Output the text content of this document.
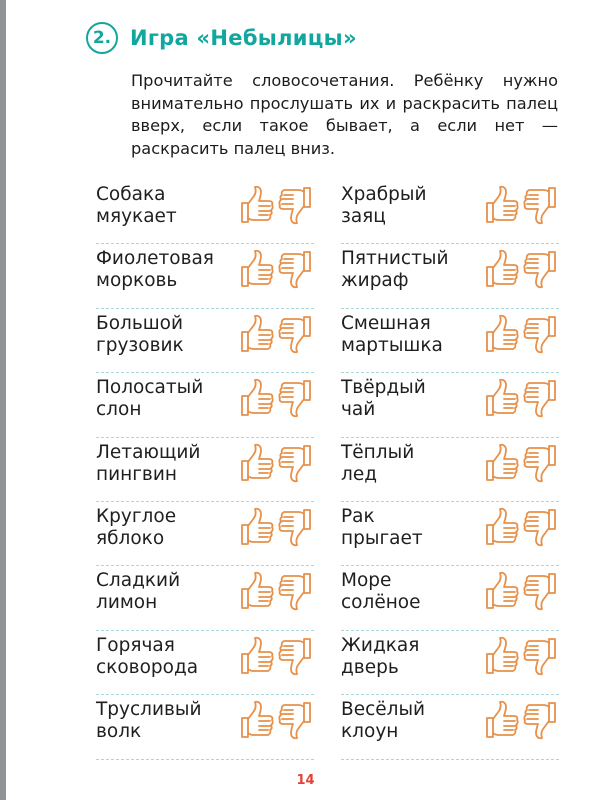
2. Игра «Небылицы»
Прочитайте словосочетания. Ребёнку нужно внимательно прослушать их и раскрасить палец вверх, если такое бывает, а если нет — раскрасить палец вниз.
Собака
мяукает
Фиолетовая
морковь
Большой
грузовик
Полосатый
слон
Летающий
пингвин
Круглое
яблоко
Сладкий
лимон
Горячая
сковорода
Трусливый
волк
Храбрый
заяц
Пятнистый
жираф
Смешная
мартышка
Твёрдый
чай
Тёплый
лед
Рак
прыгает
Море
солёное
Жидкая
дверь
Весёлый
клоун
14
